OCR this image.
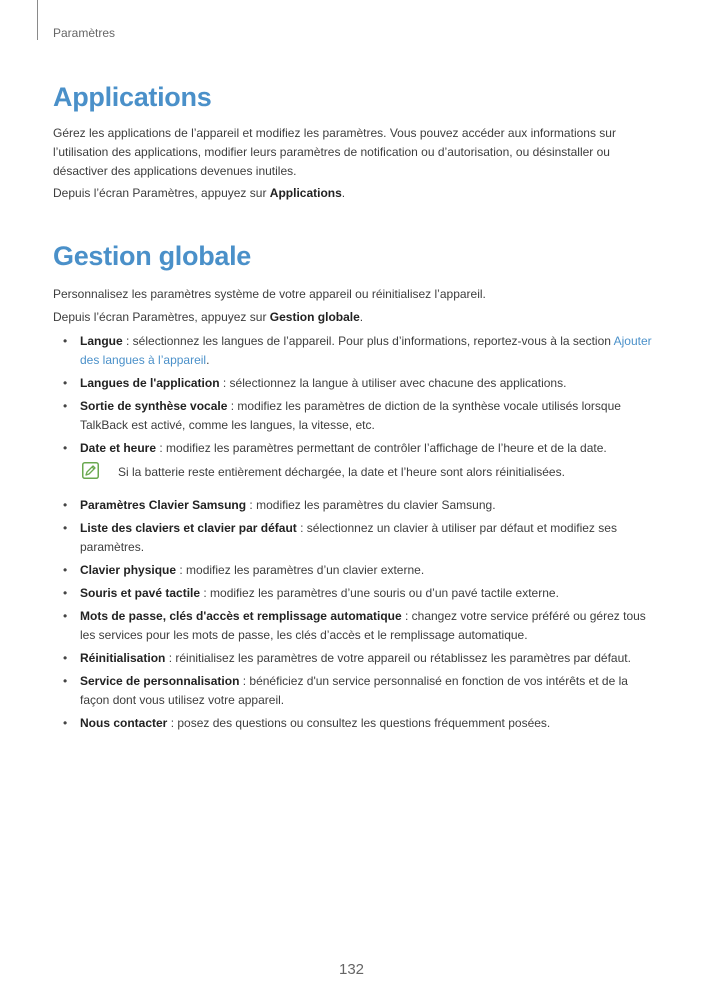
Paramètres
Applications

Gérez les applications de l’appareil et modifiez les paramètres. Vous pouvez accéder aux informations sur l’utilisation des applications, modifier leurs paramètres de notification ou d’autorisation, ou désinstaller ou désactiver des applications devenues inutiles.

Depuis l’écran Paramètres, appuyez sur Applications.

Gestion globale

Personnalisez les paramètres système de votre appareil ou réinitialisez l’appareil.

Depuis l’écran Paramètres, appuyez sur Gestion globale.

• Langue : sélectionnez les langues de l’appareil. Pour plus d’informations, reportez-vous à la section Ajouter des langues à l’appareil.
• Langues de l'application : sélectionnez la langue à utiliser avec chacune des applications.
• Sortie de synthèse vocale : modifiez les paramètres de diction de la synthèse vocale utilisés lorsque TalkBack est activé, comme les langues, la vitesse, etc.
• Date et heure : modifiez les paramètres permettant de contrôler l’affichage de l’heure et de la date.
Si la batterie reste entièrement déchargée, la date et l’heure sont alors réinitialisées.
• Paramètres Clavier Samsung : modifiez les paramètres du clavier Samsung.
• Liste des claviers et clavier par défaut : sélectionnez un clavier à utiliser par défaut et modifiez ses paramètres.
• Clavier physique : modifiez les paramètres d’un clavier externe.
• Souris et pavé tactile : modifiez les paramètres d’une souris ou d’un pavé tactile externe.
• Mots de passe, clés d'accès et remplissage automatique : changez votre service préféré ou gérez tous les services pour les mots de passe, les clés d’accès et le remplissage automatique.
• Réinitialisation : réinitialisez les paramètres de votre appareil ou rétablissez les paramètres par défaut.
• Service de personnalisation : bénéficiez d'un service personnalisé en fonction de vos intérêts et de la façon dont vous utilisez votre appareil.
• Nous contacter : posez des questions ou consultez les questions fréquemment posées.
132
